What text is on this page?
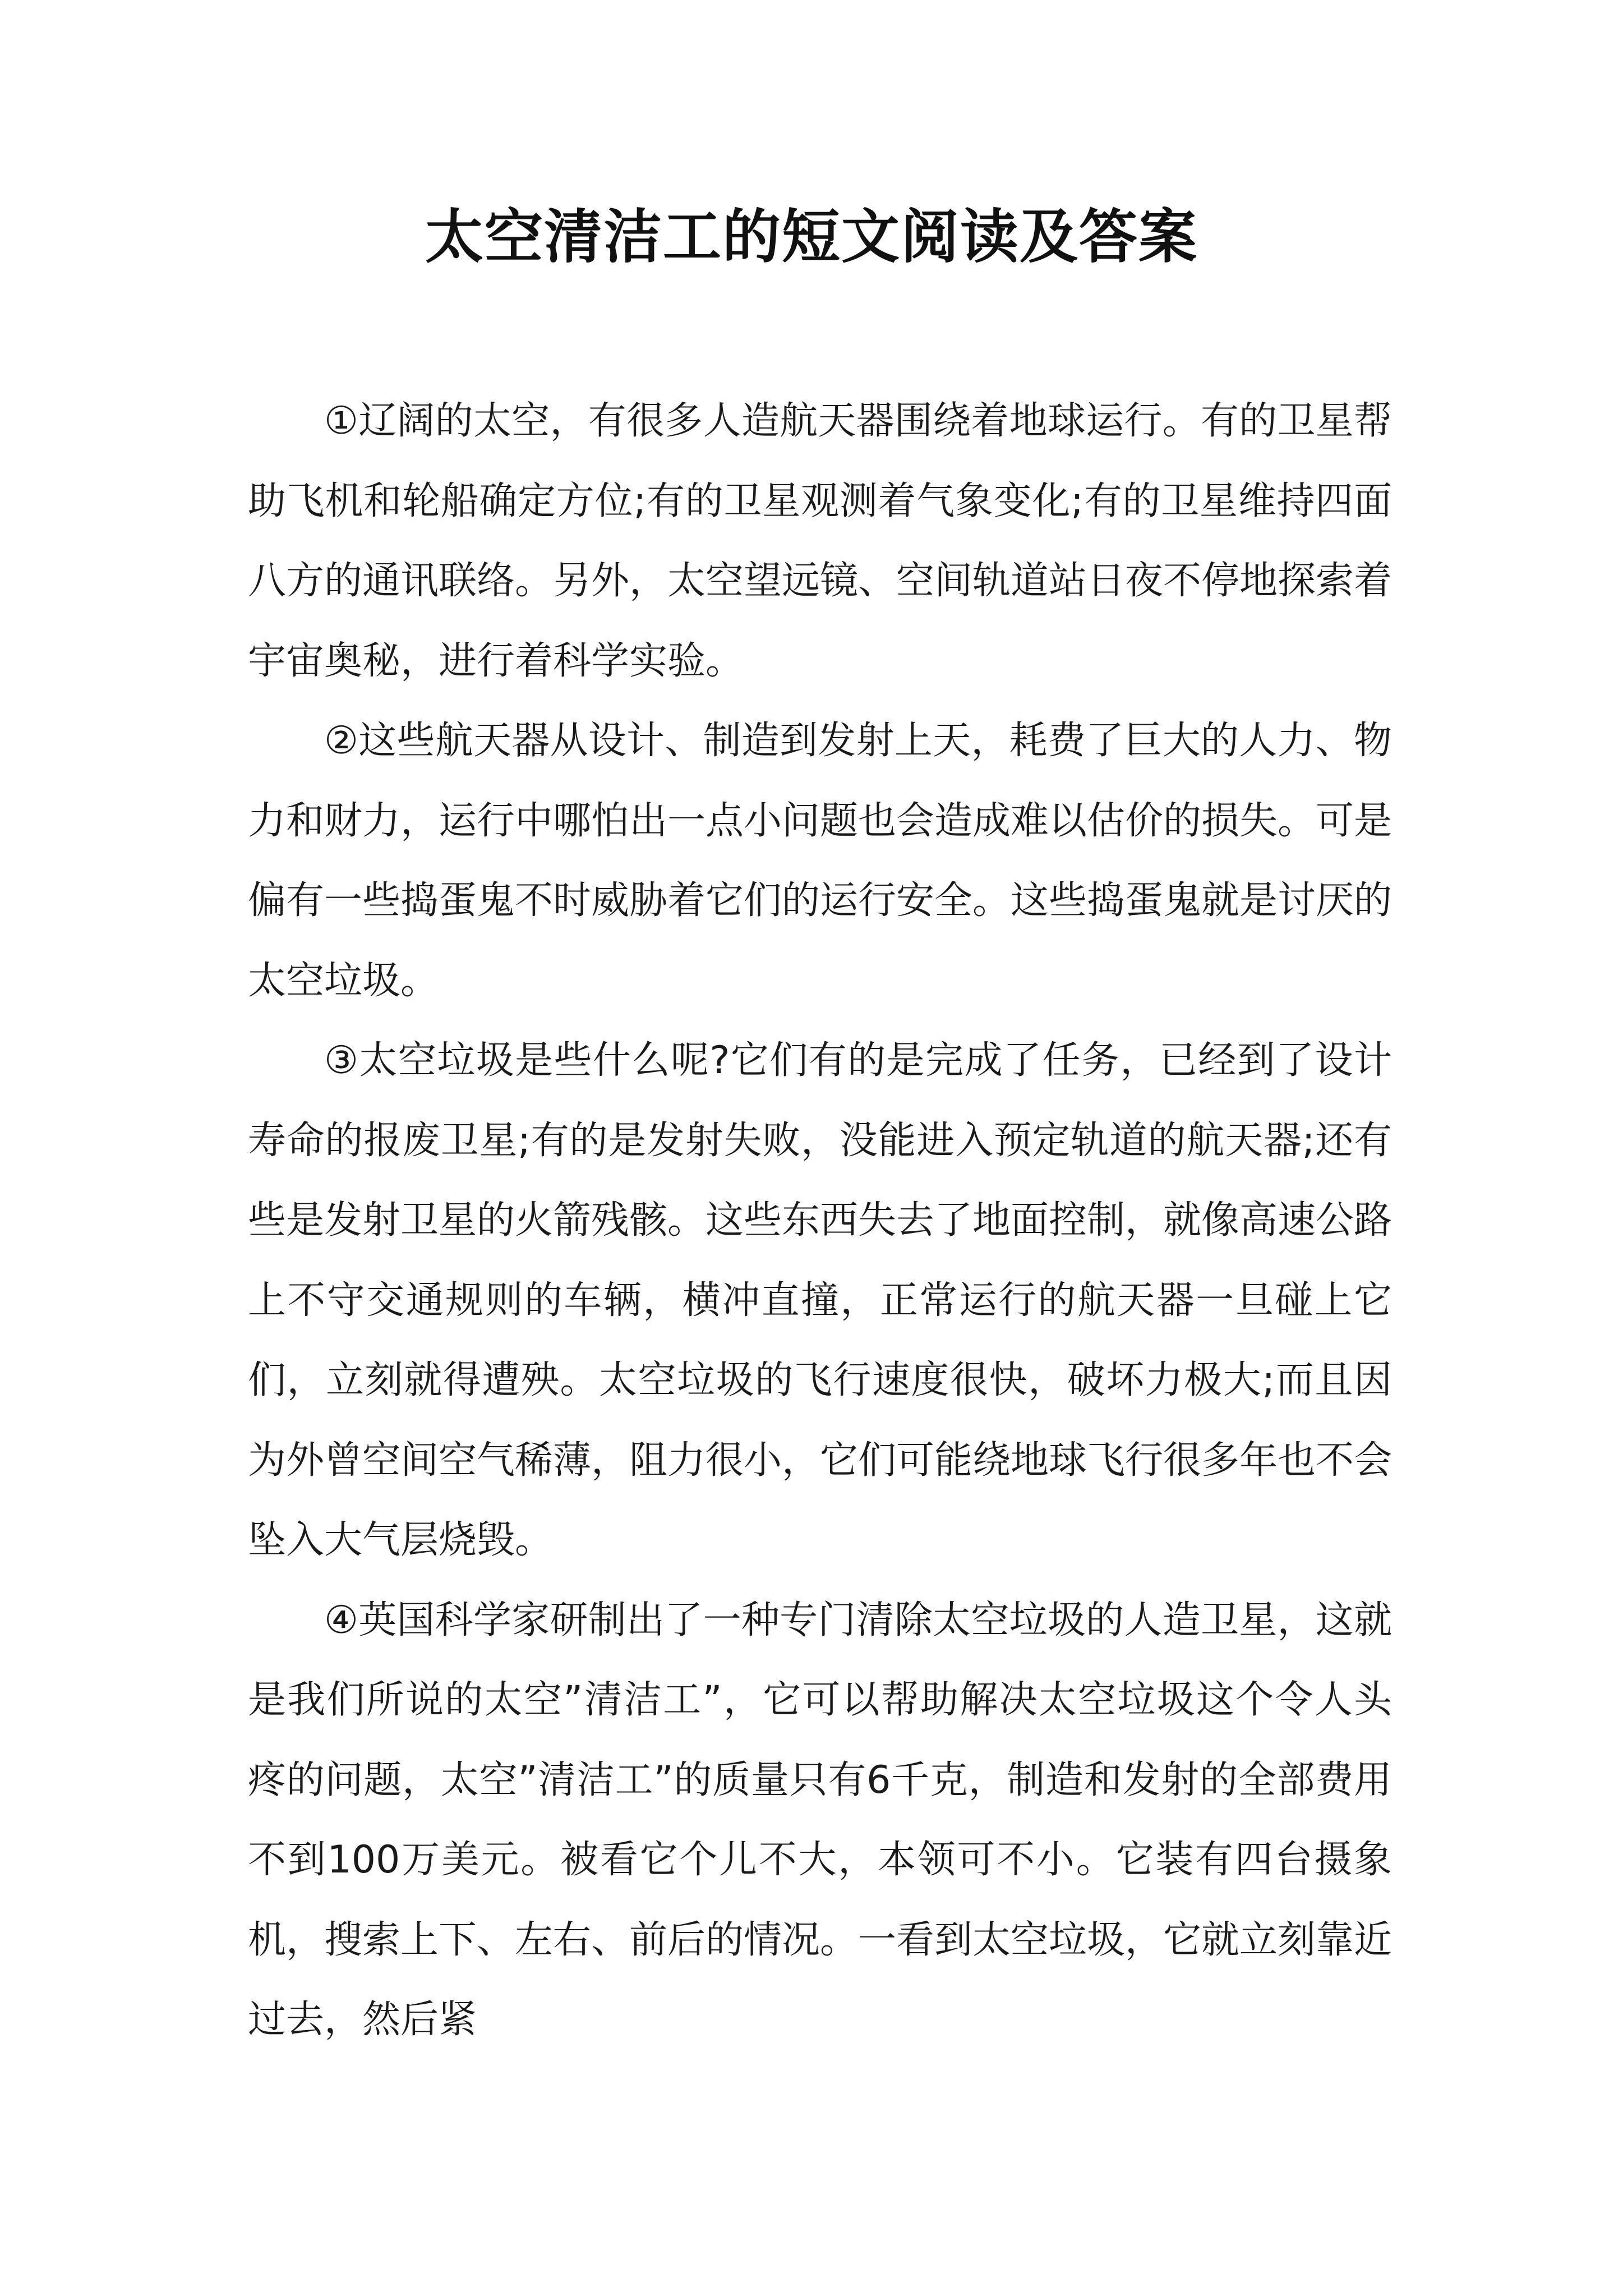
太空清洁工的短文阅读及答案

①辽阔的太空，有很多人造航天器围绕着地球运行。有的卫星帮助飞机和轮船确定方位;有的卫星观测着气象变化;有的卫星维持四面八方的通讯联络。另外，太空望远镜、空间轨道站日夜不停地探索着宇宙奥秘，进行着科学实验。

②这些航天器从设计、制造到发射上天，耗费了巨大的人力、物力和财力，运行中哪怕出一点小问题也会造成难以估价的损失。可是偏有一些捣蛋鬼不时威胁着它们的运行安全。这些捣蛋鬼就是讨厌的太空垃圾。

③太空垃圾是些什么呢?它们有的是完成了任务，已经到了设计寿命的报废卫星;有的是发射失败，没能进入预定轨道的航天器;还有些是发射卫星的火箭残骸。这些东西失去了地面控制，就像高速公路上不守交通规则的车辆，横冲直撞，正常运行的航天器一旦碰上它们，立刻就得遭殃。太空垃圾的飞行速度很快，破坏力极大;而且因为外曾空间空气稀薄，阻力很小，它们可能绕地球飞行很多年也不会坠入大气层烧毁。

④英国科学家研制出了一种专门清除太空垃圾的人造卫星，这就是我们所说的太空”清洁工”，它可以帮助解决太空垃圾这个令人头疼的问题，太空”清洁工”的质量只有6千克，制造和发射的全部费用不到100万美元。被看它个儿不大，本领可不小。它装有四台摄象机，搜索上下、左右、前后的情况。一看到太空垃圾，它就立刻靠近过去，然后紧
